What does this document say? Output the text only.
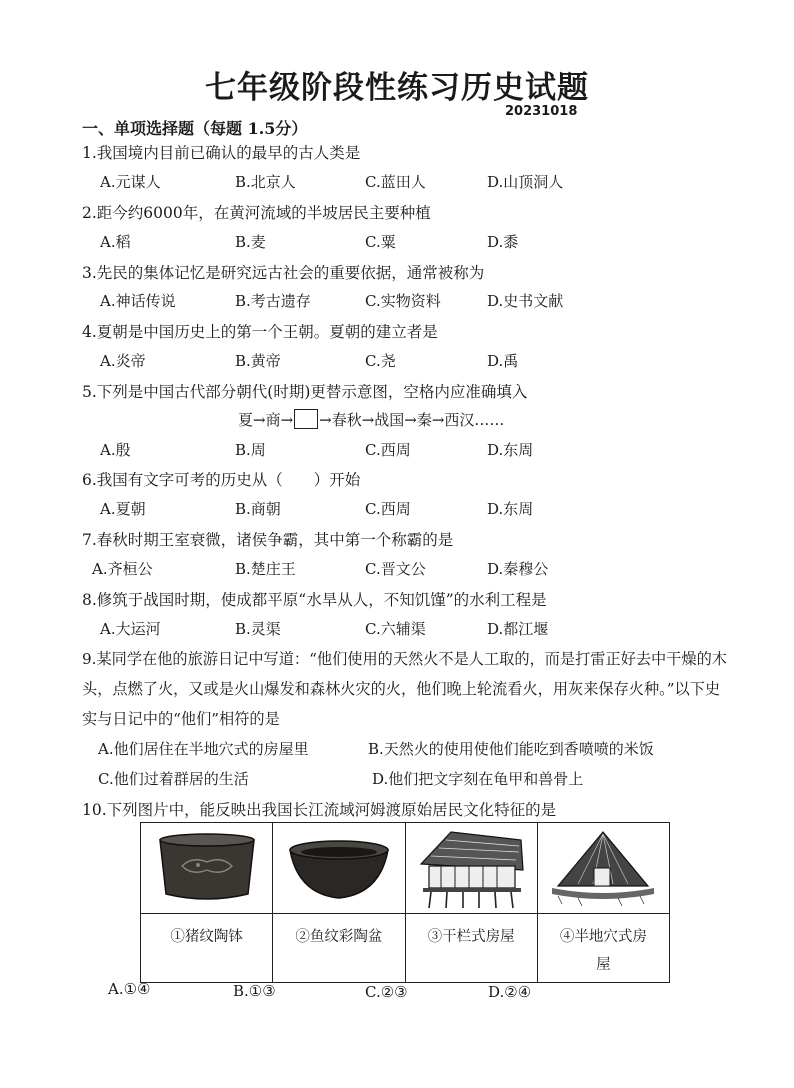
七年级阶段性练习历史试题
20231018
一、单项选择题（每题 1.5分）
1.我国境内目前已确认的最早的古人类是
A.元谋人	B.北京人	C.蓝田人	D.山顶洞人
2.距今约6000年，在黄河流域的半坡居民主要种植
A.稻	B.麦	C.粟	D.黍
3.先民的集体记忆是研究远古社会的重要依据，通常被称为
A.神话传说	B.考古遗存	C.实物资料	D.史书文献
4.夏朝是中国历史上的第一个王朝。夏朝的建立者是
A.炎帝	B.黄帝	C.尧	D.禹
5.下列是中国古代部分朝代(时期)更替示意图，空格内应准确填入
夏→商→ →春秋→战国→秦→西汉……
A.殷	B.周	C.西周	D.东周
6.我国有文字可考的历史从（　　）开始
A.夏朝	B.商朝	C.西周	D.东周
7.春秋时期王室衰微，诸侯争霸，其中第一个称霸的是
A.齐桓公	B.楚庄王	C.晋文公	D.秦穆公
8.修筑于战国时期，使成都平原“水旱从人，不知饥馑”的水利工程是
A.大运河	B.灵渠	C.六辅渠	D.都江堰
9.某同学在他的旅游日记中写道：“他们使用的天然火不是人工取的，而是打雷正好去中干燥的木
头，点燃了火，又或是火山爆发和森林火灾的火，他们晚上轮流看火，用灰来保存火种。”以下史
实与日记中的“他们”相符的是
A.他们居住在半地穴式的房屋里	B.天然火的使用使他们能吃到香喷喷的米饭
C.他们过着群居的生活	D.他们把文字刻在龟甲和兽骨上
10.下列图片中，能反映出我国长江流域河姆渡原始居民文化特征的是

①猪纹陶钵	②鱼纹彩陶盆	③干栏式房屋	④半地穴式房
屋
A.①④	B.①③	C.②③	D.②④
